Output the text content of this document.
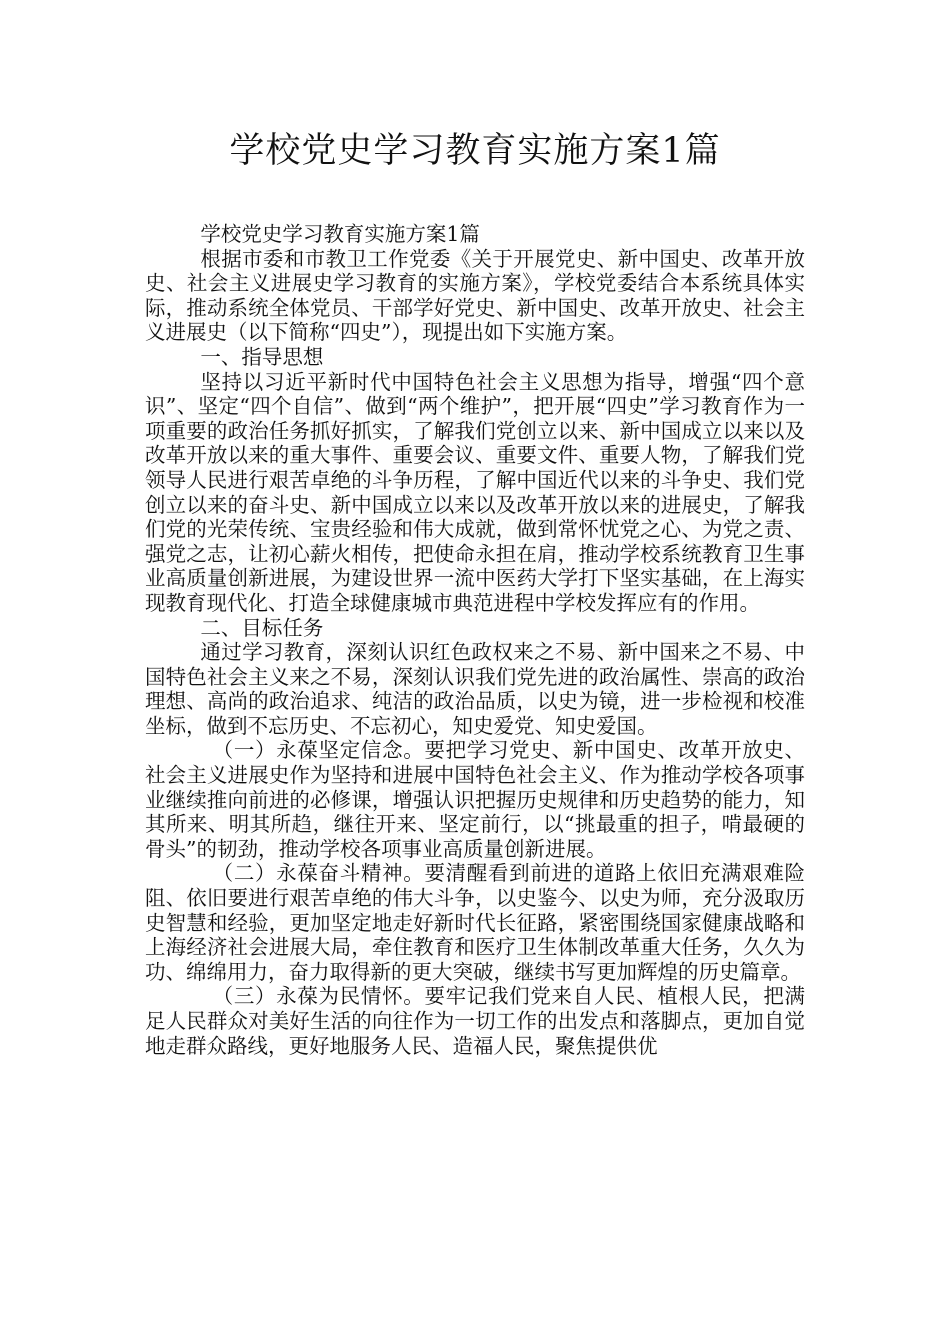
学校党史学习教育实施方案1篇

学校党史学习教育实施方案1篇

根据市委和市教卫工作党委《关于开展党史、新中国史、改革开放史、社会主义进展史学习教育的实施方案》，学校党委结合本系统具体实际，推动系统全体党员、干部学好党史、新中国史、改革开放史、社会主义进展史（以下简称“四史”），现提出如下实施方案。

一、指导思想

坚持以习近平新时代中国特色社会主义思想为指导，增强“四个意识”、坚定“四个自信”、做到“两个维护”，把开展“四史”学习教育作为一项重要的政治任务抓好抓实，了解我们党创立以来、新中国成立以来以及改革开放以来的重大事件、重要会议、重要文件、重要人物，了解我们党领导人民进行艰苦卓绝的斗争历程，了解中国近代以来的斗争史、我们党创立以来的奋斗史、新中国成立以来以及改革开放以来的进展史，了解我们党的光荣传统、宝贵经验和伟大成就，做到常怀忧党之心、为党之责、强党之志，让初心薪火相传，把使命永担在肩，推动学校系统教育卫生事业高质量创新进展，为建设世界一流中医药大学打下坚实基础，在上海实现教育现代化、打造全球健康城市典范进程中学校发挥应有的作用。

二、目标任务

通过学习教育，深刻认识红色政权来之不易、新中国来之不易、中国特色社会主义来之不易，深刻认识我们党先进的政治属性、崇高的政治理想、高尚的政治追求、纯洁的政治品质，以史为镜，进一步检视和校准坐标，做到不忘历史、不忘初心，知史爱党、知史爱国。

（一）永葆坚定信念。要把学习党史、新中国史、改革开放史、社会主义进展史作为坚持和进展中国特色社会主义、作为推动学校各项事业继续推向前进的必修课，增强认识把握历史规律和历史趋势的能力，知其所来、明其所趋，继往开来、坚定前行，以“挑最重的担子，啃最硬的骨头”的韧劲，推动学校各项事业高质量创新进展。

（二）永葆奋斗精神。要清醒看到前进的道路上依旧充满艰难险阻、依旧要进行艰苦卓绝的伟大斗争，以史鉴今、以史为师，充分汲取历史智慧和经验，更加坚定地走好新时代长征路，紧密围绕国家健康战略和上海经济社会进展大局，牵住教育和医疗卫生体制改革重大任务，久久为功、绵绵用力，奋力取得新的更大突破，继续书写更加辉煌的历史篇章。

（三）永葆为民情怀。要牢记我们党来自人民、植根人民，把满足人民群众对美好生活的向往作为一切工作的出发点和落脚点，更加自觉地走群众路线，更好地服务人民、造福人民，聚焦提供优
